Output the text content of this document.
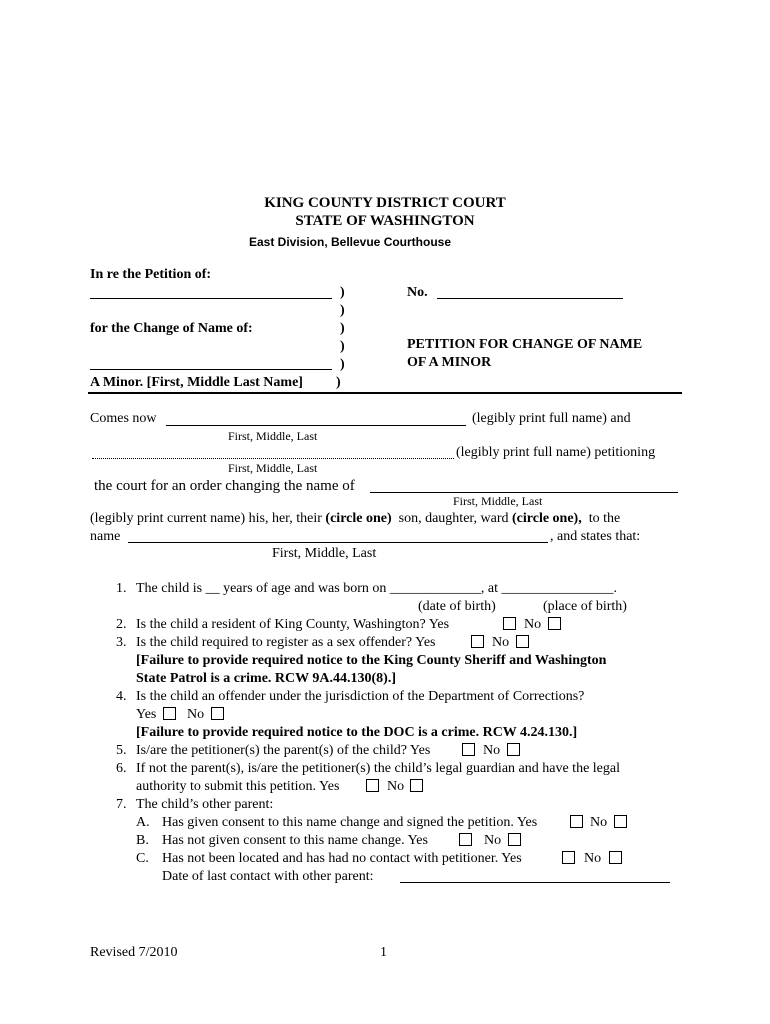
KING COUNTY DISTRICT COURT
STATE OF WASHINGTON
East Division, Bellevue Courthouse
In re the Petition of:
for the Change of Name of:
A Minor. [First, Middle Last Name]
)
)
)
)
)
)
No.
PETITION FOR CHANGE OF NAME
OF A MINOR
Comes now	(legibly print full name) and
First, Middle, Last
(legibly print full name) petitioning
First, Middle, Last
the court for an order changing the name of
First, Middle, Last
(legibly print current name) his, her, their (circle one) son, daughter, ward (circle one), to the
name	, and states that:
First, Middle, Last
1. The child is __ years of age and was born on _____________, at ________________.
(date of birth)	(place of birth)
2. Is the child a resident of King County, Washington? Yes	No
3. Is the child required to register as a sex offender? Yes	No
[Failure to provide required notice to the King County Sheriff and Washington
State Patrol is a crime. RCW 9A.44.130(8).]
4. Is the child an offender under the jurisdiction of the Department of Corrections?
Yes No
[Failure to provide required notice to the DOC is a crime. RCW 4.24.130.]
5. Is/are the petitioner(s) the parent(s) of the child? Yes	No
6. If not the parent(s), is/are the petitioner(s) the child’s legal guardian and have the legal
authority to submit this petition. Yes	No
7. The child’s other parent:
A. Has given consent to this name change and signed the petition. Yes	No
B. Has not given consent to this name change. Yes	No
C. Has not been located and has had no contact with petitioner. Yes	No
Date of last contact with other parent:
Revised 7/2010	1
